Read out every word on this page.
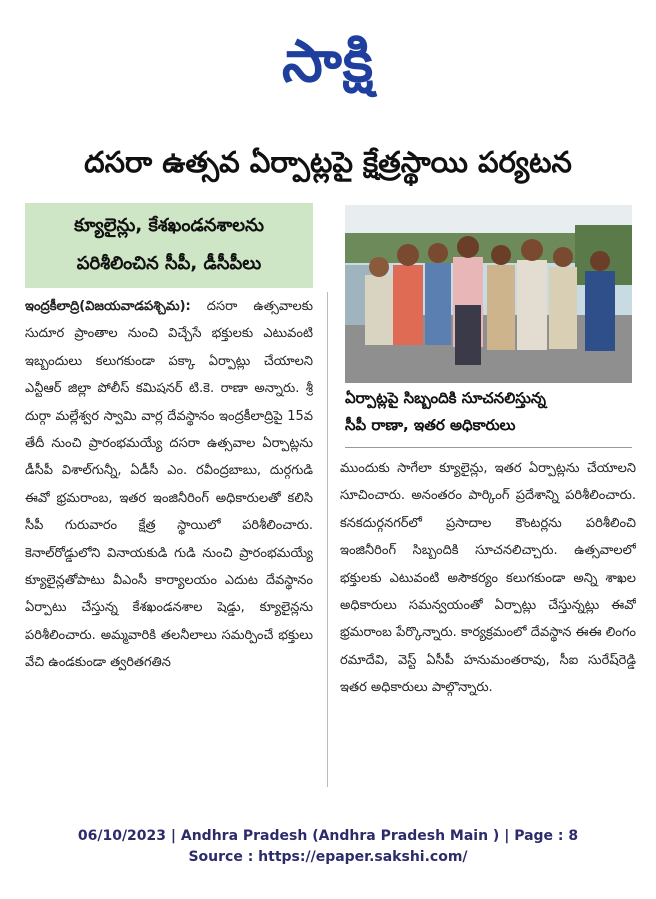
సాక్షి
దసరా ఉత్సవ ఏర్పాట్లపై క్షేత్రస్థాయి పర్యటన
క్యూలైన్లు, కేశఖండనశాలను
పరిశీలించిన సీపీ, డీసీపీలు
ఇంద్రకీలాద్రి(విజయవాడపశ్చిమ): దసరా ఉత్సవాలకు సుదూర ప్రాంతాల నుంచి విచ్చేసే భక్తులకు ఎటువంటి ఇబ్బందులు కలుగకుండా పక్కా ఏర్పాట్లు చేయాలని ఎన్టీఆర్ జిల్లా పోలీస్ కమిషనర్ టి.కె. రాణా అన్నారు. శ్రీ దుర్గా మల్లేశ్వర స్వామి వార్ల దేవస్థానం ఇంద్రకీలాద్రిపై 15వ తేదీ నుంచి ప్రారంభమయ్యే దసరా ఉత్సవాల ఏర్పాట్లను డీసీపీ విశాల్‌గున్నీ, ఏడీసీ ఎం. రవీంద్రబాబు, దుర్గగుడి ఈవో భ్రమరాంబ, ఇతర ఇంజినీరింగ్ అధికారులతో కలిసి సీపీ గురువారం క్షేత్ర స్థాయిలో పరిశీలించారు. కెనాల్‌రోడ్డులోని వినాయకుడి గుడి నుంచి ప్రారంభమయ్యే క్యూలైన్లతోపాటు వీఎంసీ కార్యాలయం ఎదుట దేవస్థానం ఏర్పాటు చేస్తున్న కేశఖండనశాల షెడ్డు, క్యూలైన్లను పరిశీలించారు. అమ్మవారికి తలనీలాలు సమర్పించే భక్తులు వేచి ఉండకుండా త్వరితగతిన
ఏర్పాట్లపై సిబ్బందికి సూచనలిస్తున్న
సీపీ రాణా, ఇతర అధికారులు
ముందుకు సాగేలా క్యూలైన్లు, ఇతర ఏర్పాట్లను చేయాలని సూచించారు. అనంతరం పార్కింగ్ ప్రదేశాన్ని పరిశీలించారు. కనకదుర్గనగర్‌లో ప్రసాదాల కౌంటర్లను పరిశీలించి ఇంజినీరింగ్ సిబ్బందికి సూచనలిచ్చారు. ఉత్సవాలలో భక్తులకు ఎటువంటి అసౌకర్యం కలుగకుండా అన్ని శాఖల అధికారులు సమన్వయంతో ఏర్పాట్లు చేస్తున్నట్లు ఈవో భ్రమరాంబ పేర్కొన్నారు. కార్యక్రమంలో దేవస్థాన ఈఈ లింగం రమాదేవి, వెస్ట్ ఏసీపీ హనుమంతరావు, సీఐ సురేష్‌రెడ్డి ఇతర అధికారులు పాల్గొన్నారు.
06/10/2023 | Andhra Pradesh (Andhra Pradesh Main ) | Page : 8
Source : https://epaper.sakshi.com/
